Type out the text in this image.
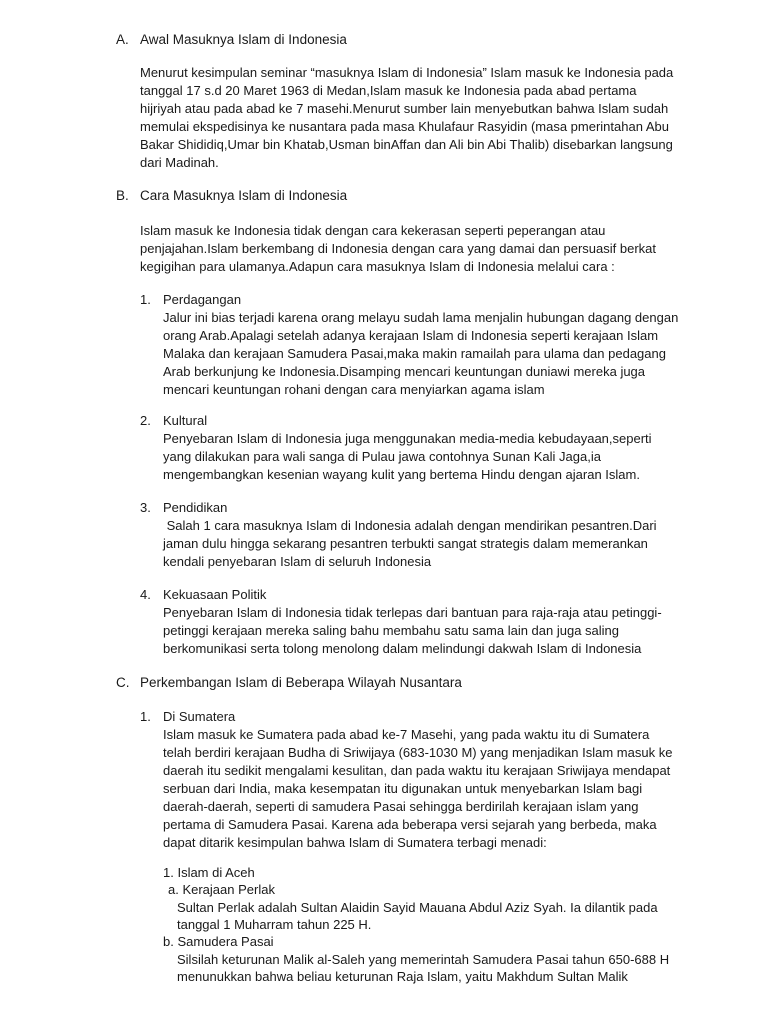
A. Awal Masuknya Islam di Indonesia
Menurut kesimpulan seminar “masuknya Islam di Indonesia” Islam masuk ke Indonesia pada
tanggal 17 s.d 20 Maret 1963 di Medan,Islam masuk ke Indonesia pada abad pertama
hijriyah atau pada abad ke 7 masehi.Menurut sumber lain menyebutkan bahwa Islam sudah
memulai ekspedisinya ke nusantara pada masa Khulafaur Rasyidin (masa pmerintahan Abu
Bakar Shididiq,Umar bin Khatab,Usman binAffan dan Ali bin Abi Thalib) disebarkan langsung
dari Madinah.
B. Cara Masuknya Islam di Indonesia
Islam masuk ke Indonesia tidak dengan cara kekerasan seperti peperangan atau
penjajahan.Islam berkembang di Indonesia dengan cara yang damai dan persuasif berkat
kegigihan para ulamanya.Adapun cara masuknya Islam di Indonesia melalui cara :
1. Perdagangan
Jalur ini bias terjadi karena orang melayu sudah lama menjalin hubungan dagang dengan
orang Arab.Apalagi setelah adanya kerajaan Islam di Indonesia seperti kerajaan Islam
Malaka dan kerajaan Samudera Pasai,maka makin ramailah para ulama dan pedagang
Arab berkunjung ke Indonesia.Disamping mencari keuntungan duniawi mereka juga
mencari keuntungan rohani dengan cara menyiarkan agama islam
2. Kultural
Penyebaran Islam di Indonesia juga menggunakan media-media kebudayaan,seperti
yang dilakukan para wali sanga di Pulau jawa contohnya Sunan Kali Jaga,ia
mengembangkan kesenian wayang kulit yang bertema Hindu dengan ajaran Islam.
3. Pendidikan
Salah 1 cara masuknya Islam di Indonesia adalah dengan mendirikan pesantren.Dari
jaman dulu hingga sekarang pesantren terbukti sangat strategis dalam memerankan
kendali penyebaran Islam di seluruh Indonesia
4. Kekuasaan Politik
Penyebaran Islam di Indonesia tidak terlepas dari bantuan para raja-raja atau petinggi-
petinggi kerajaan mereka saling bahu membahu satu sama lain dan juga saling
berkomunikasi serta tolong menolong dalam melindungi dakwah Islam di Indonesia
C. Perkembangan Islam di Beberapa Wilayah Nusantara
1. Di Sumatera
Islam masuk ke Sumatera pada abad ke-7 Masehi, yang pada waktu itu di Sumatera
telah berdiri kerajaan Budha di Sriwijaya (683-1030 M) yang menjadikan Islam masuk ke
daerah itu sedikit mengalami kesulitan, dan pada waktu itu kerajaan Sriwijaya mendapat
serbuan dari India, maka kesempatan itu digunakan untuk menyebarkan Islam bagi
daerah-daerah, seperti di samudera Pasai sehingga berdirilah kerajaan islam yang
pertama di Samudera Pasai. Karena ada beberapa versi sejarah yang berbeda, maka
dapat ditarik kesimpulan bahwa Islam di Sumatera terbagi menadi:
1. Islam di Aceh
a. Kerajaan Perlak
Sultan Perlak adalah Sultan Alaidin Sayid Mauana Abdul Aziz Syah. Ia dilantik pada
tanggal 1 Muharram tahun 225 H.
b. Samudera Pasai
Silsilah keturunan Malik al-Saleh yang memerintah Samudera Pasai tahun 650-688 H
menunukkan bahwa beliau keturunan Raja Islam, yaitu Makhdum Sultan Malik
